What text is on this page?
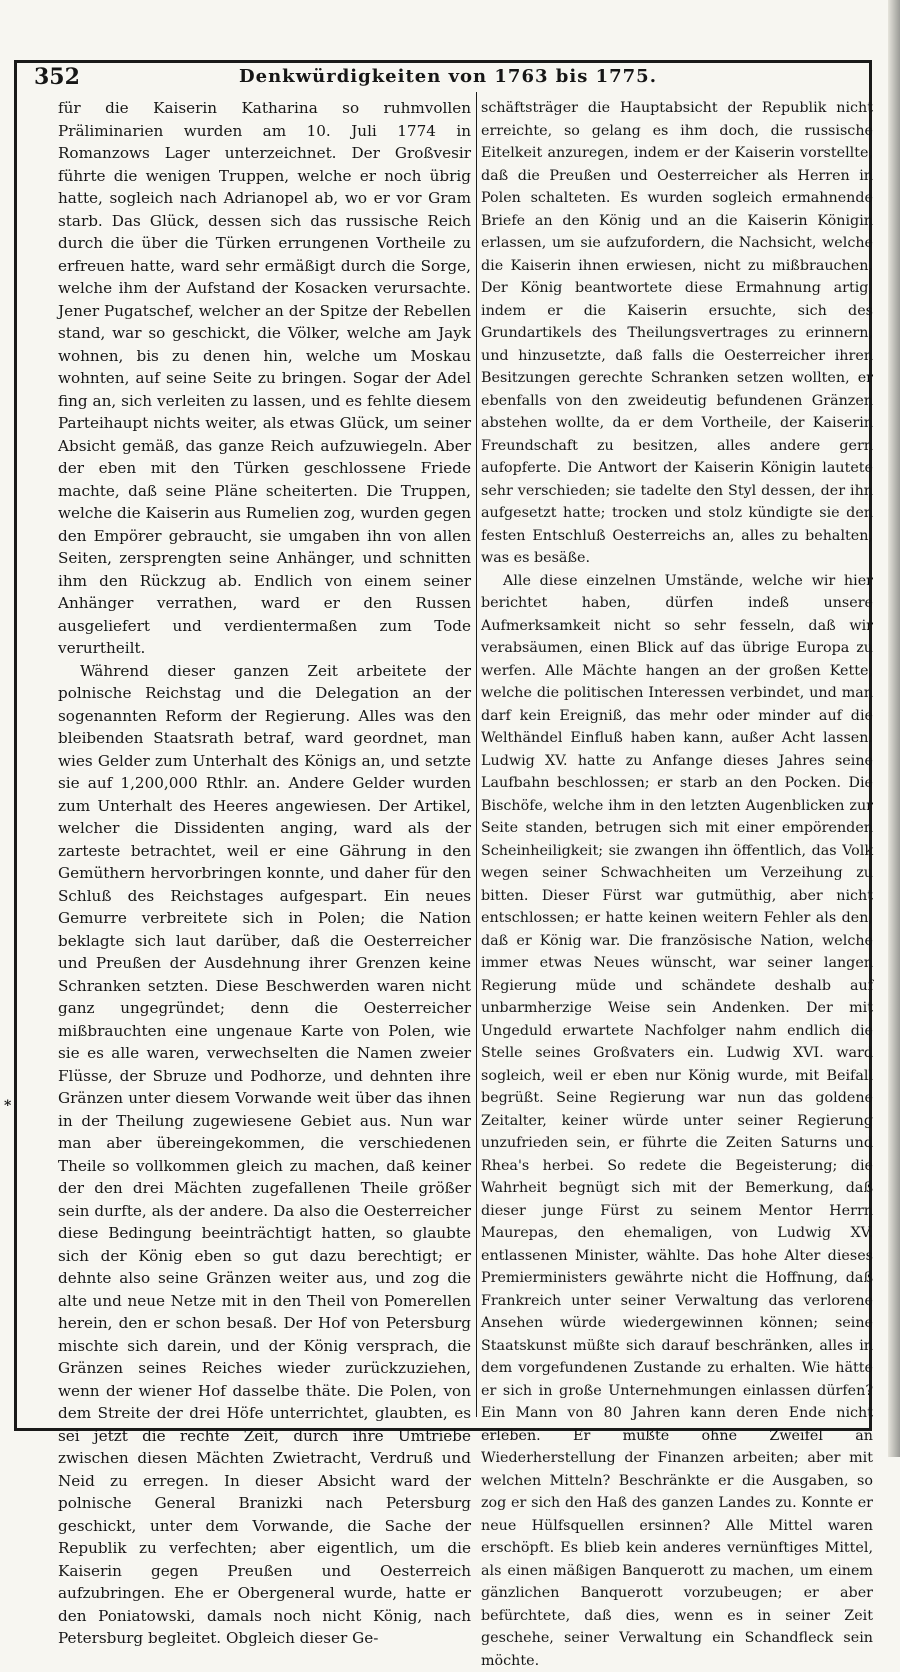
352	Denkwürdigkeiten von 1763 bis 1775.

für die Kaiserin Katharina so ruhmvollen Präliminarien wurden am 10. Juli 1774 in Romanzows Lager unterzeichnet. Der Großvesir führte die wenigen Truppen, welche er noch übrig hatte, sogleich nach Adrianopel ab, wo er vor Gram starb. Das Glück, dessen sich das russische Reich durch die über die Türken errungenen Vortheile zu erfreuen hatte, ward sehr ermäßigt durch die Sorge, welche ihm der Aufstand der Kosacken verursachte. Jener Pugatschef, welcher an der Spitze der Rebellen stand, war so geschickt, die Völker, welche am Jayk wohnen, bis zu denen hin, welche um Moskau wohnten, auf seine Seite zu bringen. Sogar der Adel fing an, sich verleiten zu lassen, und es fehlte diesem Parteihaupt nichts weiter, als etwas Glück, um seiner Absicht gemäß, das ganze Reich aufzuwiegeln. Aber der eben mit den Türken geschlossene Friede machte, daß seine Pläne scheiterten. Die Truppen, welche die Kaiserin aus Rumelien zog, wurden gegen den Empörer gebraucht, sie umgaben ihn von allen Seiten, zersprengten seine Anhänger, und schnitten ihm den Rückzug ab. Endlich von einem seiner Anhänger verrathen, ward er den Russen ausgeliefert und verdientermaßen zum Tode verurtheilt.

Während dieser ganzen Zeit arbeitete der polnische Reichstag und die Delegation an der sogenannten Reform der Regierung. Alles was den bleibenden Staatsrath betraf, ward geordnet, man wies Gelder zum Unterhalt des Königs an, und setzte sie auf 1,200,000 Rthlr. an. Andere Gelder wurden zum Unterhalt des Heeres angewiesen. Der Artikel, welcher die Dissidenten anging, ward als der zarteste betrachtet, weil er eine Gährung in den Gemüthern hervorbringen konnte, und daher für den Schluß des Reichstages aufgespart. Ein neues Gemurre verbreitete sich in Polen; die Nation beklagte sich laut darüber, daß die Oesterreicher und Preußen der Ausdehnung ihrer Grenzen keine Schranken setzten. Diese Beschwerden waren nicht ganz ungegründet; denn die Oesterreicher mißbrauchten eine ungenaue Karte von Polen, wie sie es alle waren, verwechselten die Namen zweier Flüsse, der Sbruze und Podhorze, und dehnten ihre Gränzen unter diesem Vorwande weit über das ihnen in der Theilung zugewiesene Gebiet aus. Nun war man aber übereingekommen, die verschiedenen Theile so vollkommen gleich zu machen, daß keiner der den drei Mächten zugefallenen Theile größer sein durfte, als der andere. Da also die Oesterreicher diese Bedingung beeinträchtigt hatten, so glaubte sich der König eben so gut dazu berechtigt; er dehnte also seine Gränzen weiter aus, und zog die alte und neue Netze mit in den Theil von Pomerellen herein, den er schon besaß. Der Hof von Petersburg mischte sich darein, und der König versprach, die Gränzen seines Reiches wieder zurückzuziehen, wenn der wiener Hof dasselbe thäte. Die Polen, von dem Streite der drei Höfe unterrichtet, glaubten, es sei jetzt die rechte Zeit, durch ihre Umtriebe zwischen diesen Mächten Zwietracht, Verdruß und Neid zu erregen. In dieser Absicht ward der polnische General Branizki nach Petersburg geschickt, unter dem Vorwande, die Sache der Republik zu verfechten; aber eigentlich, um die Kaiserin gegen Preußen und Oesterreich aufzubringen. Ehe er Obergeneral wurde, hatte er den Poniatowski, damals noch nicht König, nach Petersburg begleitet. Obgleich dieser Ge-

schäftsträger die Hauptabsicht der Republik nicht erreichte, so gelang es ihm doch, die russische Eitelkeit anzuregen, indem er der Kaiserin vorstellte, daß die Preußen und Oesterreicher als Herren in Polen schalteten. Es wurden sogleich ermahnende Briefe an den König und an die Kaiserin Königin erlassen, um sie aufzufordern, die Nachsicht, welche die Kaiserin ihnen erwiesen, nicht zu mißbrauchen. Der König beantwortete diese Ermahnung artig, indem er die Kaiserin ersuchte, sich des Grundartikels des Theilungsvertrages zu erinnern, und hinzusetzte, daß falls die Oesterreicher ihren Besitzungen gerechte Schranken setzen wollten, er ebenfalls von den zweideutig befundenen Gränzen abstehen wollte, da er dem Vortheile, der Kaiserin Freundschaft zu besitzen, alles andere gern aufopferte. Die Antwort der Kaiserin Königin lautete sehr verschieden; sie tadelte den Styl dessen, der ihn aufgesetzt hatte; trocken und stolz kündigte sie den festen Entschluß Oesterreichs an, alles zu behalten, was es besäße.

Alle diese einzelnen Umstände, welche wir hier berichtet haben, dürfen indeß unsere Aufmerksamkeit nicht so sehr fesseln, daß wir verabsäumen, einen Blick auf das übrige Europa zu werfen. Alle Mächte hangen an der großen Kette, welche die politischen Interessen verbindet, und man darf kein Ereigniß, das mehr oder minder auf die Welthändel Einfluß haben kann, außer Acht lassen. Ludwig XV. hatte zu Anfange dieses Jahres seine Laufbahn beschlossen; er starb an den Pocken. Die Bischöfe, welche ihm in den letzten Augenblicken zur Seite standen, betrugen sich mit einer empörenden Scheinheiligkeit; sie zwangen ihn öffentlich, das Volk wegen seiner Schwachheiten um Verzeihung zu bitten. Dieser Fürst war gutmüthig, aber nicht entschlossen; er hatte keinen weitern Fehler als den, daß er König war. Die französische Nation, welche immer etwas Neues wünscht, war seiner langen Regierung müde und schändete deshalb auf unbarmherzige Weise sein Andenken. Der mit Ungeduld erwartete Nachfolger nahm endlich die Stelle seines Großvaters ein. Ludwig XVI. ward sogleich, weil er eben nur König wurde, mit Beifall begrüßt. Seine Regierung war nun das goldene Zeitalter, keiner würde unter seiner Regierung unzufrieden sein, er führte die Zeiten Saturns und Rhea's herbei. So redete die Begeisterung; die Wahrheit begnügt sich mit der Bemerkung, daß dieser junge Fürst zu seinem Mentor Herrn Maurepas, den ehemaligen, von Ludwig XV. entlassenen Minister, wählte. Das hohe Alter dieses Premierministers gewährte nicht die Hoffnung, daß Frankreich unter seiner Verwaltung das verlorene Ansehen würde wiedergewinnen können; seine Staatskunst müßte sich darauf beschränken, alles in dem vorgefundenen Zustande zu erhalten. Wie hätte er sich in große Unternehmungen einlassen dürfen? Ein Mann von 80 Jahren kann deren Ende nicht erleben. Er mußte ohne Zweifel an Wiederherstellung der Finanzen arbeiten; aber mit welchen Mitteln? Beschränkte er die Ausgaben, so zog er sich den Haß des ganzen Landes zu. Konnte er neue Hülfsquellen ersinnen? Alle Mittel waren erschöpft. Es blieb kein anderes vernünftiges Mittel, als einen mäßigen Banquerott zu machen, um einem gänzlichen Banquerott vorzubeugen; er aber befürchtete, daß dies, wenn es in seiner Zeit geschehe, seiner Verwaltung ein Schandfleck sein möchte.

*
